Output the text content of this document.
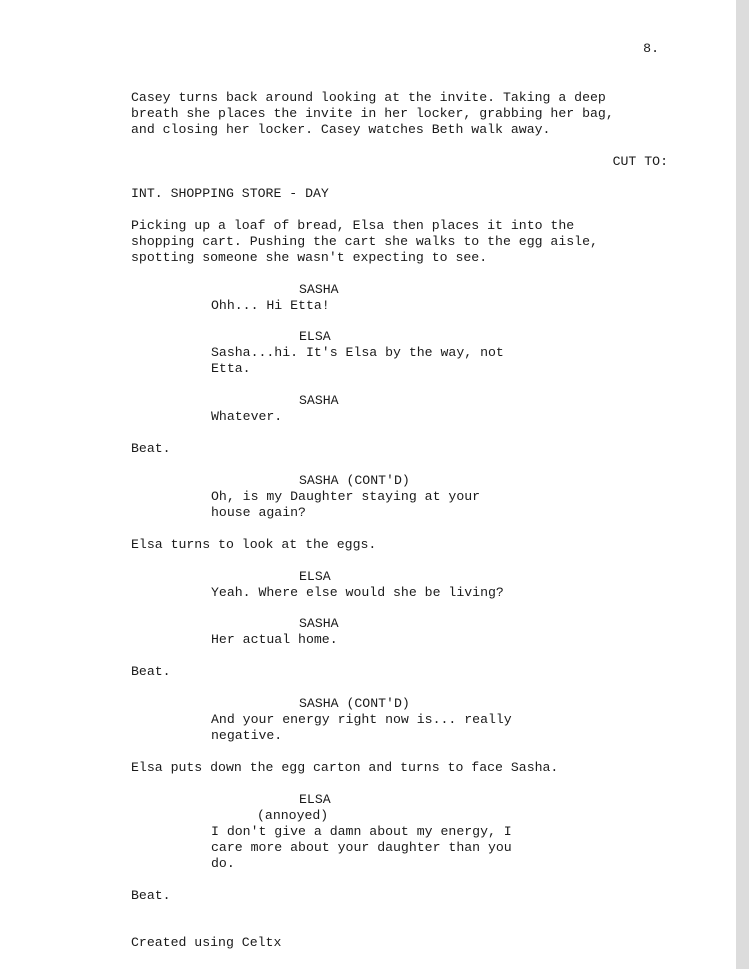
8.
Casey turns back around looking at the invite. Taking a deep
breath she places the invite in her locker, grabbing her bag,
and closing her locker. Casey watches Beth walk away.
CUT TO:
INT. SHOPPING STORE - DAY
Picking up a loaf of bread, Elsa then places it into the
shopping cart. Pushing the cart she walks to the egg aisle,
spotting someone she wasn't expecting to see.
SASHA
Ohh... Hi Etta!
ELSA
Sasha...hi. It's Elsa by the way, not
Etta.
SASHA
Whatever.
Beat.
SASHA (CONT'D)
Oh, is my Daughter staying at your
house again?
Elsa turns to look at the eggs.
ELSA
Yeah. Where else would she be living?
SASHA
Her actual home.
Beat.
SASHA (CONT'D)
And your energy right now is... really
negative.
Elsa puts down the egg carton and turns to face Sasha.
ELSA
(annoyed)
I don't give a damn about my energy, I
care more about your daughter than you
do.
Beat.
Created using Celtx
